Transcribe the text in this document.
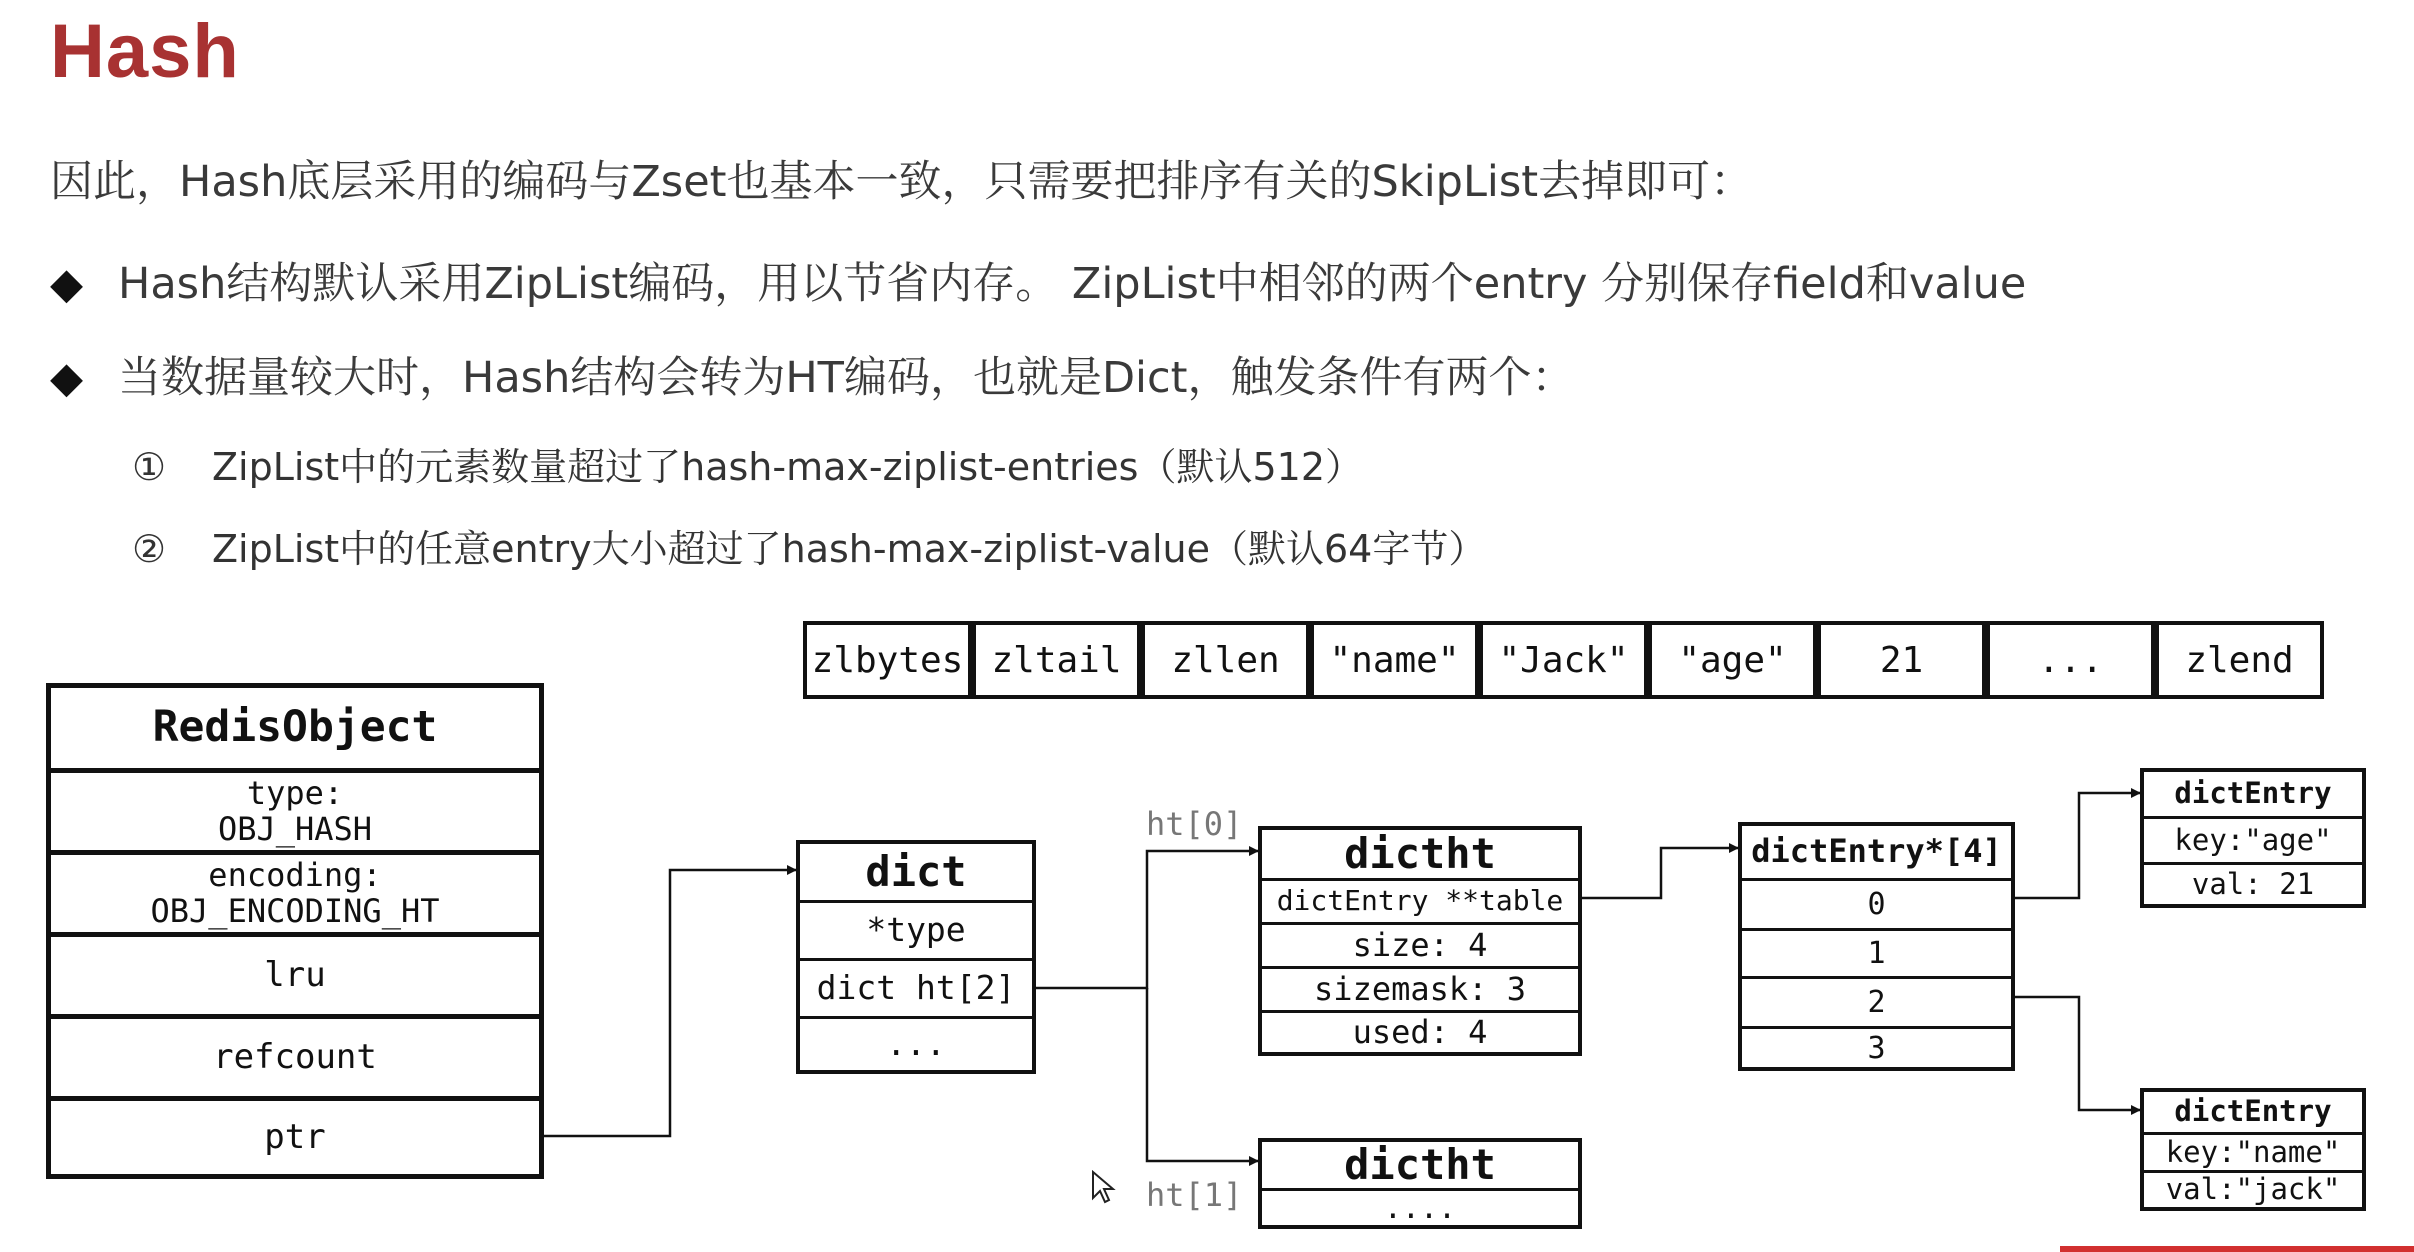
Hash
因此，Hash底层采用的编码与Zset也基本一致，只需要把排序有关的SkipList去掉即可：
◆ Hash结构默认采用ZipList编码，用以节省内存。 ZipList中相邻的两个entry 分别保存field和value
◆ 当数据量较大时，Hash结构会转为HT编码，也就是Dict，触发条件有两个：
① ZipList中的元素数量超过了hash-max-ziplist-entries（默认512）
② ZipList中的任意entry大小超过了hash-max-ziplist-value（默认64字节）
zlbytes zltail	zllen	"name"	"Jack"	"age"	21	...	zlend
RedisObject
type:
OBJ_HASH
encoding:
OBJ_ENCODING_HT
lru
refcount
ptr
dict
*type
dict ht[2]
...
ht[0]
ht[1]
dictht
dictEntry **table
size: 4
sizemask: 3
used: 4
dictht
....
dictEntry*[4]
0
1
2
3
dictEntry
key:"age"
val: 21
dictEntry
key:"name"
val:"jack"
